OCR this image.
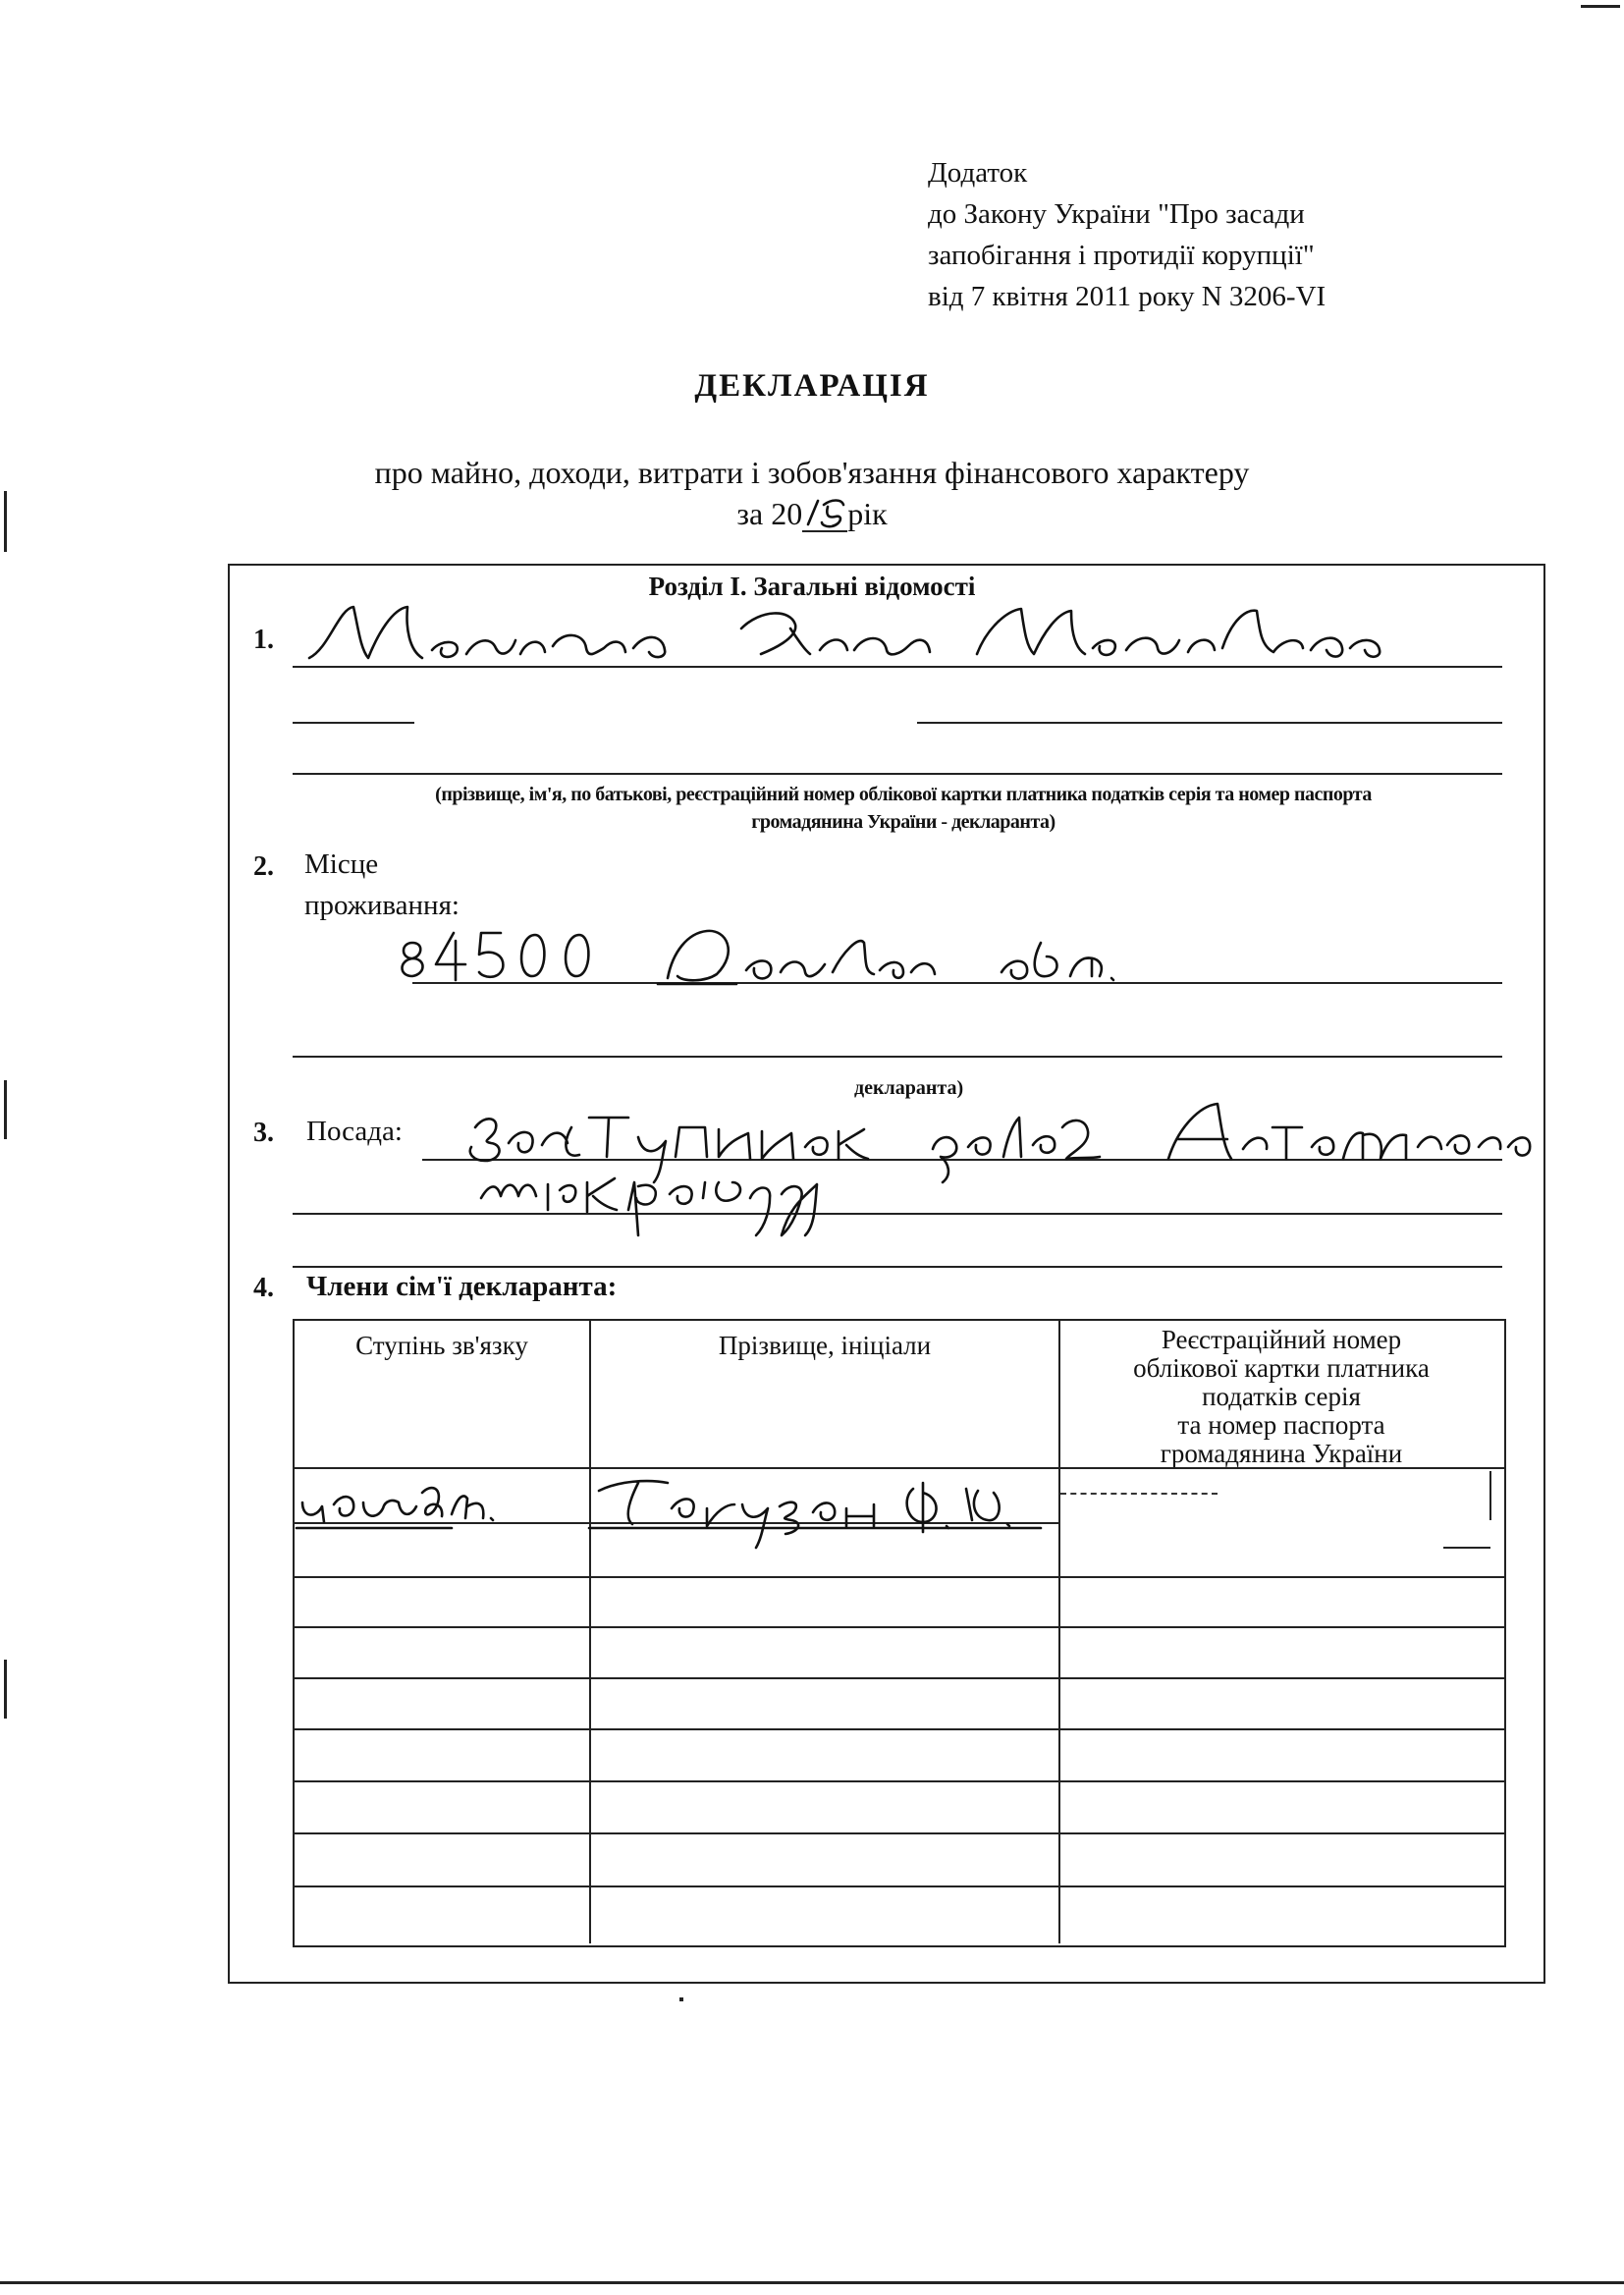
Додаток
до Закону України "Про засади
запобігання і протидії корупції"
від 7 квітня 2011 року N 3206-VI
ДЕКЛАРАЦІЯ
про майно, доходи, витрати і зобов'язання фінансового характеру
за 20 рік
Розділ I. Загальні відомості
1.
(прізвище, ім'я, по батькові, реєстраційний номер облікової картки платника податків серія та номер паспорта
громадянина України - декларанта)
2. Місце
проживання:
декларанта)
3. Посада:
4. Члени сім'ї декларанта:
Ступінь зв'язку	Прізвище, ініціали	Реєстраційний номер
облікової картки платника
податків серія
та номер паспорта
громадянина України
